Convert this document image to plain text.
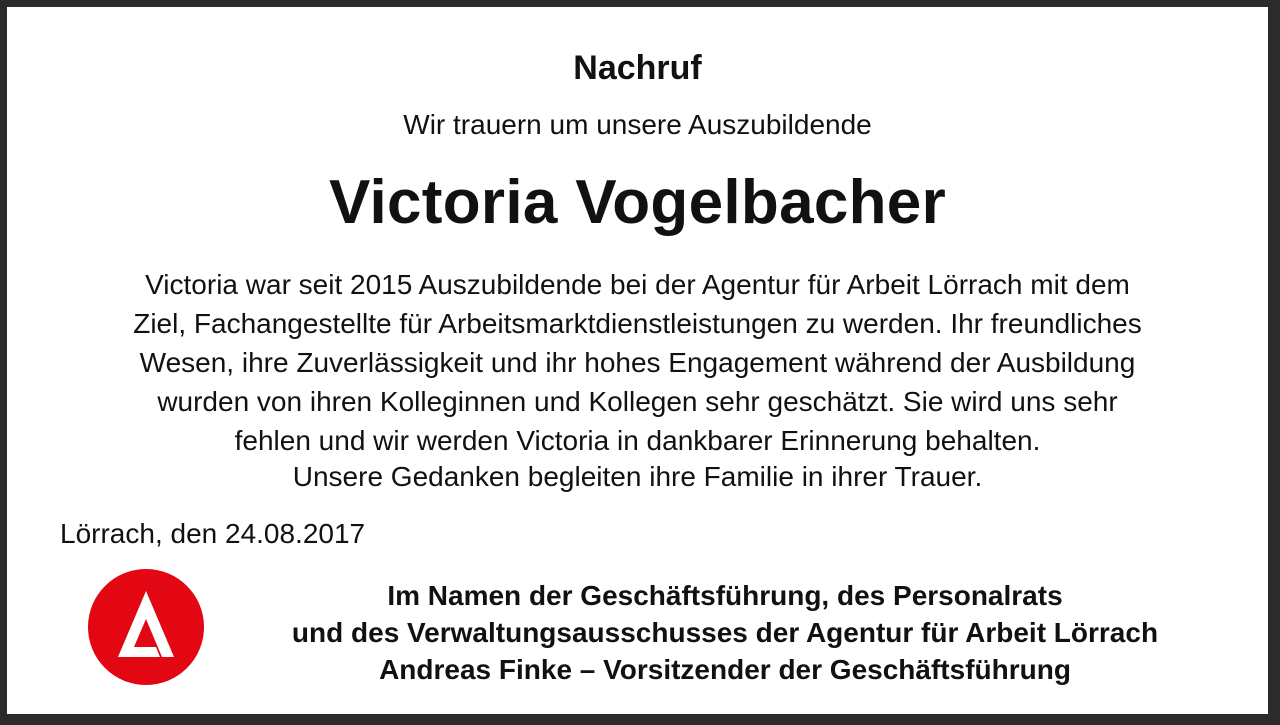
Nachruf
Wir trauern um unsere Auszubildende
Victoria Vogelbacher
Victoria war seit 2015 Auszubildende bei der Agentur für Arbeit Lörrach mit dem
Ziel, Fachangestellte für Arbeitsmarktdienstleistungen zu werden. Ihr freundliches
Wesen, ihre Zuverlässigkeit und ihr hohes Engagement während der Ausbildung
wurden von ihren Kolleginnen und Kollegen sehr geschätzt. Sie wird uns sehr
fehlen und wir werden Victoria in dankbarer Erinnerung behalten.
Unsere Gedanken begleiten ihre Familie in ihrer Trauer.
Lörrach, den 24.08.2017
Im Namen der Geschäftsführung, des Personalrats
und des Verwaltungsausschusses der Agentur für Arbeit Lörrach
Andreas Finke – Vorsitzender der Geschäftsführung
